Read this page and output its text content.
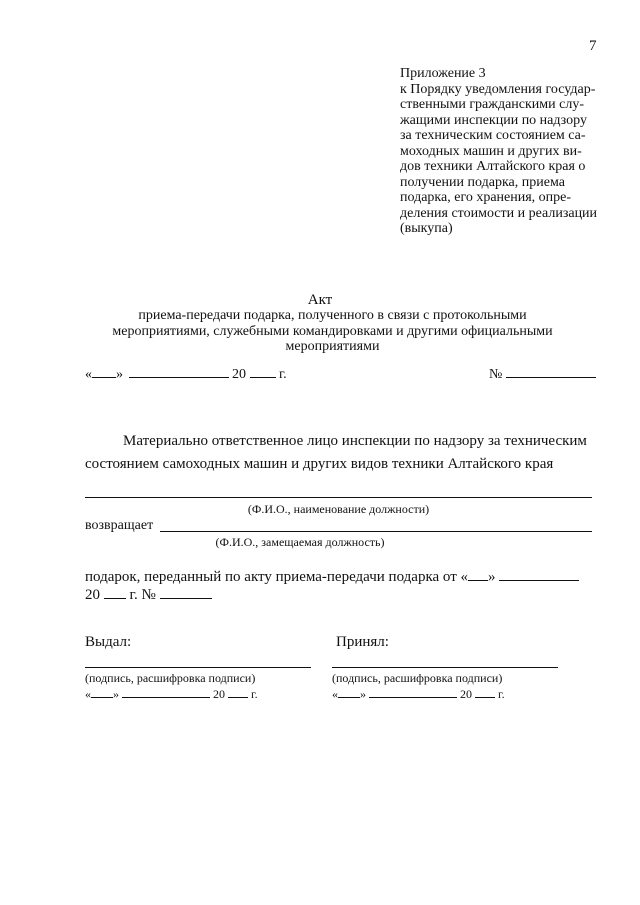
7
Приложение 3
к Порядку уведомления государ-
ственными гражданскими слу-
жащими инспекции по надзору
за техническим состоянием са-
моходных машин и других ви-
дов техники Алтайского края о
получении подарка, приема
подарка, его хранения, опре-
деления стоимости и реализации
(выкупа)
Акт
приема-передачи подарка, полученного в связи с протокольными
мероприятиями, служебными командировками и другими официальными
мероприятиями
« »	20 г.	№
Материально ответственное лицо инспекции по надзору за техническим
состоянием самоходных машин и других видов техники Алтайского края
(Ф.И.О., наименование должности)
возвращает
(Ф.И.О., замещаемая должность)
подарок, переданный по акту приема-передачи подарка от « »
20 г. №
Выдал:	Принял:
(подпись, расшифровка подписи)	(подпись, расшифровка подписи)
« »	20 г.	« »	20 г.
